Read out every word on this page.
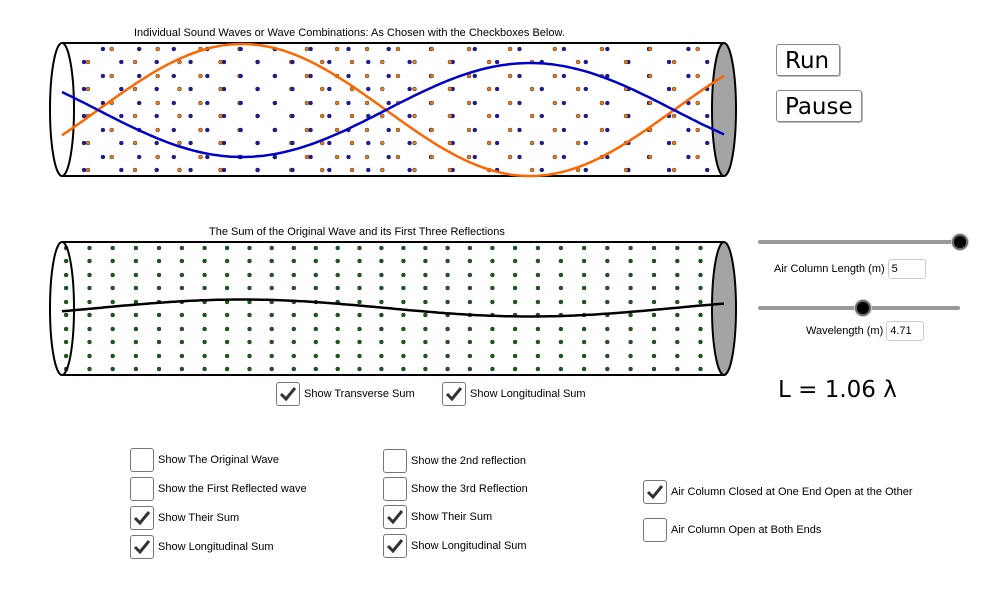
Individual Sound Waves or Wave Combinations: As Chosen with the Checkboxes Below.
Run
Pause
The Sum of the Original Wave and its First Three Reflections
Air Column Length (m)
5
Wavelength (m)
4.71
L = 1.06 λ
Show Transverse Sum	Show Longitudinal Sum
Show The Original Wave
Show the First Reflected wave
Show Their Sum
Show Longitudinal Sum
Show the 2nd reflection
Show the 3rd Reflection
Show Their Sum
Show Longitudinal Sum
Air Column Closed at One End Open at the Other
Air Column Open at Both Ends
